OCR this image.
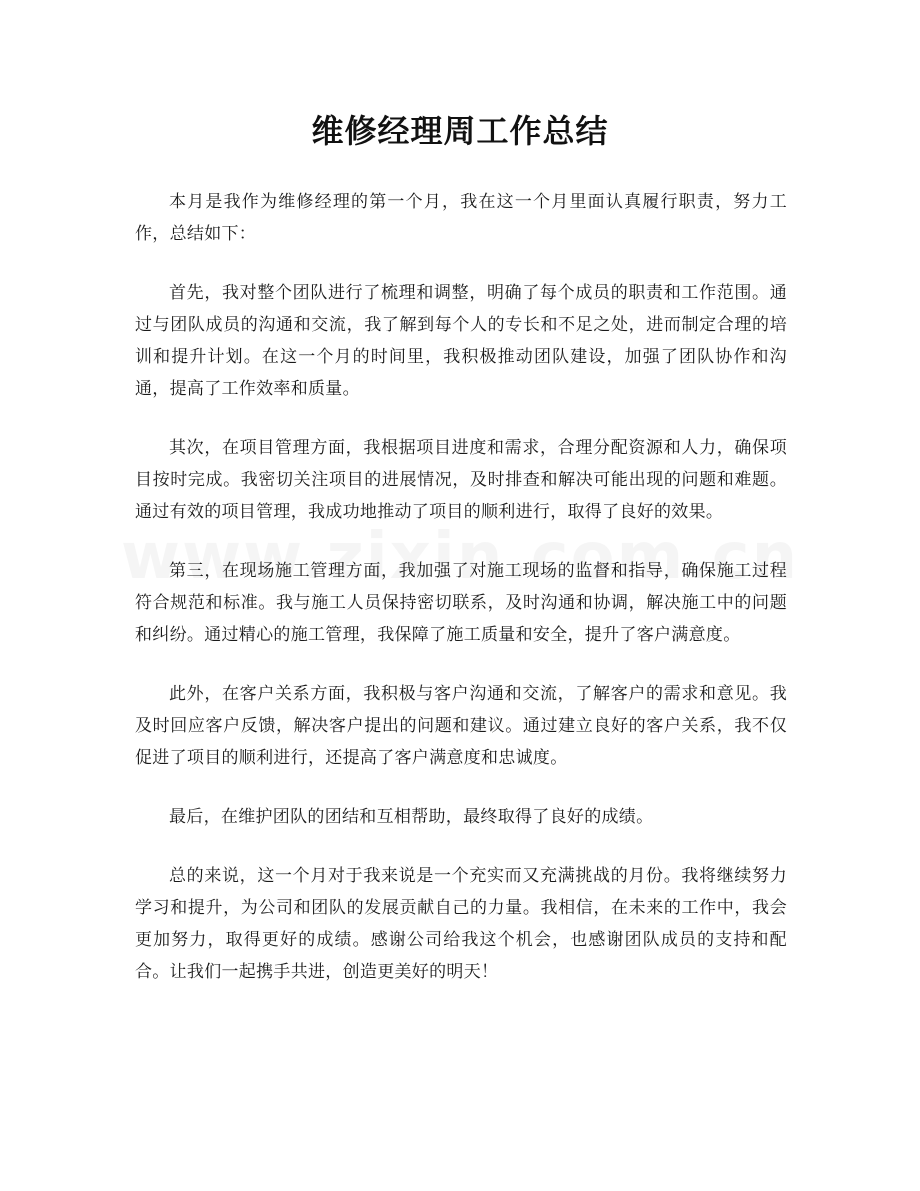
维修经理周工作总结

本月是我作为维修经理的第一个月，我在这一个月里面认真履行职责，努力工作，总结如下：

首先，我对整个团队进行了梳理和调整，明确了每个成员的职责和工作范围。通过与团队成员的沟通和交流，我了解到每个人的专长和不足之处，进而制定合理的培训和提升计划。在这一个月的时间里，我积极推动团队建设，加强了团队协作和沟通，提高了工作效率和质量。

其次，在项目管理方面，我根据项目进度和需求，合理分配资源和人力，确保项目按时完成。我密切关注项目的进展情况，及时排查和解决可能出现的问题和难题。通过有效的项目管理，我成功地推动了项目的顺利进行，取得了良好的效果。

第三，在现场施工管理方面，我加强了对施工现场的监督和指导，确保施工过程符合规范和标准。我与施工人员保持密切联系，及时沟通和协调，解决施工中的问题和纠纷。通过精心的施工管理，我保障了施工质量和安全，提升了客户满意度。

此外，在客户关系方面，我积极与客户沟通和交流，了解客户的需求和意见。我及时回应客户反馈，解决客户提出的问题和建议。通过建立良好的客户关系，我不仅促进了项目的顺利进行，还提高了客户满意度和忠诚度。

最后，在维护团队的团结和互相帮助，最终取得了良好的成绩。

总的来说，这一个月对于我来说是一个充实而又充满挑战的月份。我将继续努力学习和提升，为公司和团队的发展贡献自己的力量。我相信，在未来的工作中，我会更加努力，取得更好的成绩。感谢公司给我这个机会，也感谢团队成员的支持和配合。让我们一起携手共进，创造更美好的明天！
